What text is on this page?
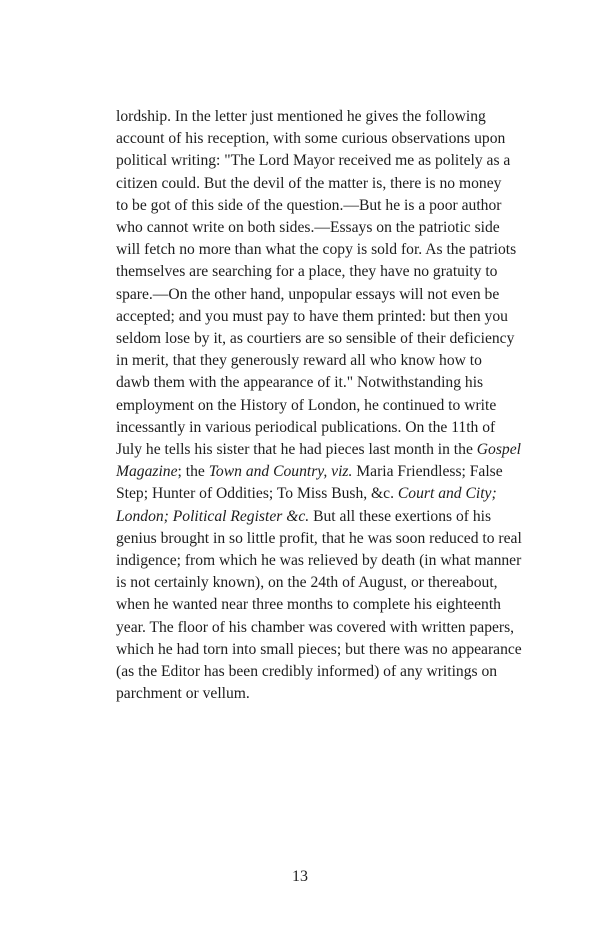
lordship. In the letter just mentioned he gives the following
account of his reception, with some curious observations upon
political writing: "The Lord Mayor received me as politely as a
citizen could. But the devil of the matter is, there is no money
to be got of this side of the question.—But he is a poor author
who cannot write on both sides.—Essays on the patriotic side
will fetch no more than what the copy is sold for. As the patriots
themselves are searching for a place, they have no gratuity to
spare.—On the other hand, unpopular essays will not even be
accepted; and you must pay to have them printed: but then you
seldom lose by it, as courtiers are so sensible of their deficiency
in merit, that they generously reward all who know how to
dawb them with the appearance of it." Notwithstanding his
employment on the History of London, he continued to write
incessantly in various periodical publications. On the 11th of
July he tells his sister that he had pieces last month in the Gospel
Magazine; the Town and Country, viz. Maria Friendless; False
Step; Hunter of Oddities; To Miss Bush, &c. Court and City;
London; Political Register &c. But all these exertions of his
genius brought in so little profit, that he was soon reduced to real
indigence; from which he was relieved by death (in what manner
is not certainly known), on the 24th of August, or thereabout,
when he wanted near three months to complete his eighteenth
year. The floor of his chamber was covered with written papers,
which he had torn into small pieces; but there was no appearance
(as the Editor has been credibly informed) of any writings on
parchment or vellum.
13
